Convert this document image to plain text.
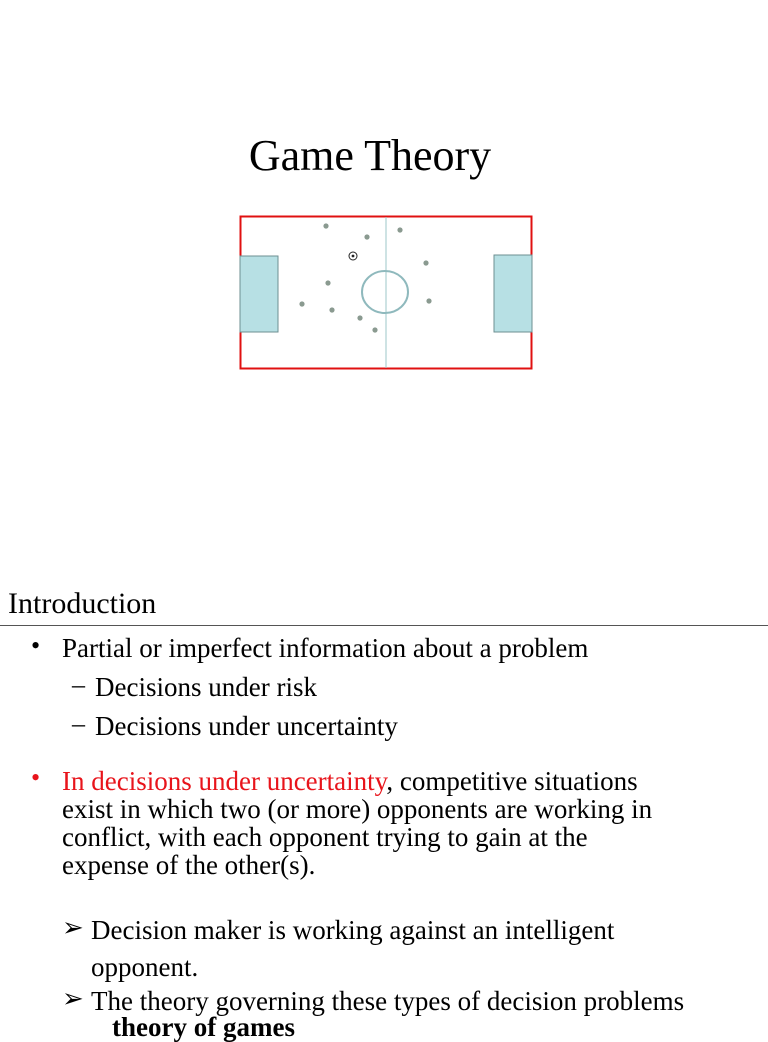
Game Theory
Introduction
• Partial or imperfect information about a problem
– Decisions under risk
– Decisions under uncertainty
• In decisions under uncertainty, competitive situations
exist in which two (or more) opponents are working in
conflict, with each opponent trying to gain at the
expense of the other(s).
➢ Decision maker is working against an intelligent
opponent.
➢ The theory governing these types of decision problems
theory of games
